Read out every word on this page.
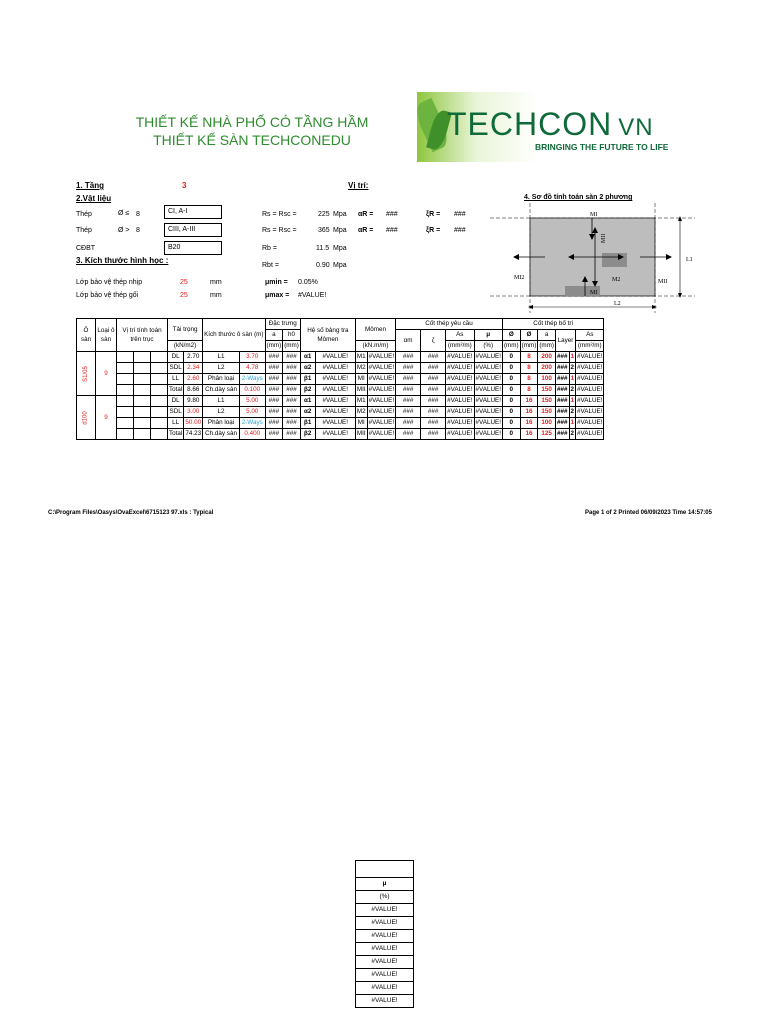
THIẾT KẾ NHÀ PHỐ CÓ TẦNG HẦM
THIẾT KẾ SÀN TECHCONEDU	TECHCON VN
BRINGING THE FUTURE TO LIFE
1. Tầng	3	Vị trí:
2.Vật liệu
Thép	Ø ≤ 8	CI, A-I	Rs = Rsc =	225 Mpa αR = ###	ξR = ###
Thép	Ø > 8	CIII, A-III	Rs = Rsc =	365 Mpa αR = ###	ξR = ###
CĐBT	B20	Rb =	11.5 Mpa
3. Kích thước hình học :
Rbt =	0.90 Mpa
Lớp bảo vệ thép nhịp	25	mm	μmin = 0.05%
Lớp bảo vệ thép gối	25	mm	μmax = #VALUE!
4. Sơ đồ tính toán sàn 2 phương
MI
MII
M2
MI2
MII
MI
L1
L2
Ô sàn	Loại ô sàn	Vị trí tính toán trên trục			Tải trọng		Kích thước ô sàn (m)		Đặc trưng		Hệ số bảng tra Mômen		Mômen		Cốt thép yêu cầu				Cốt thép bố trí					
									a	h0					αm	ζ	As	μ	Ø	Ø	a	Layer		As
					(kN/m2)				(mm)	(mm)			(kN.m/m)				(mm²/m)	(%)	(mm)	(mm)	(mm)			(mm²/m)
S1/05	9				DL	2.70	L1	3.70	###	###	α1	#VALUE!	M1	#VALUE!	###	###	#VALUE!	#VALUE!	0	8	200	###	1	#VALUE!
					SDL	2.34	L2	4.78	###	###	α2	#VALUE!	M2	#VALUE!	###	###	#VALUE!	#VALUE!	0	8	200	###	2	#VALUE!
					LL	2.60	Phân loại	2-Ways	###	###	β1	#VALUE!	MI	#VALUE!	###	###	#VALUE!	#VALUE!	0	8	100	###	1	#VALUE!
					Total	8.66	Ch.dày sàn	0.100	###	###	β2	#VALUE!	MII	#VALUE!	###	###	#VALUE!	#VALUE!	0	8	150	###	2	#VALUE!
d100	9				DL	9.80	L1	5.00	###	###	α1	#VALUE!	M1	#VALUE!	###	###	#VALUE!	#VALUE!	0	16	150	###	1	#VALUE!
					SDL	3.00	L2	5.00	###	###	α2	#VALUE!	M2	#VALUE!	###	###	#VALUE!	#VALUE!	0	16	150	###	2	#VALUE!
					LL	50.00	Phân loại	2-Ways	###	###	β1	#VALUE!	MI	#VALUE!	###	###	#VALUE!	#VALUE!	0	16	100	###	1	#VALUE!
					Total	74.23	Ch.dày sàn	0.400	###	###	β2	#VALUE!	MII	#VALUE!	###	###	#VALUE!	#VALUE!	0	16	125	###	2	#VALUE!
C:\Program Files\Oasys\OvaExcel\6715123 97.xls : Typical	Page 1 of 2 Printed 06/09/2023 Time 14:57:05

μ
(%)
#VALUE!
#VALUE!
#VALUE!
#VALUE!
#VALUE!
#VALUE!
#VALUE!
#VALUE!
